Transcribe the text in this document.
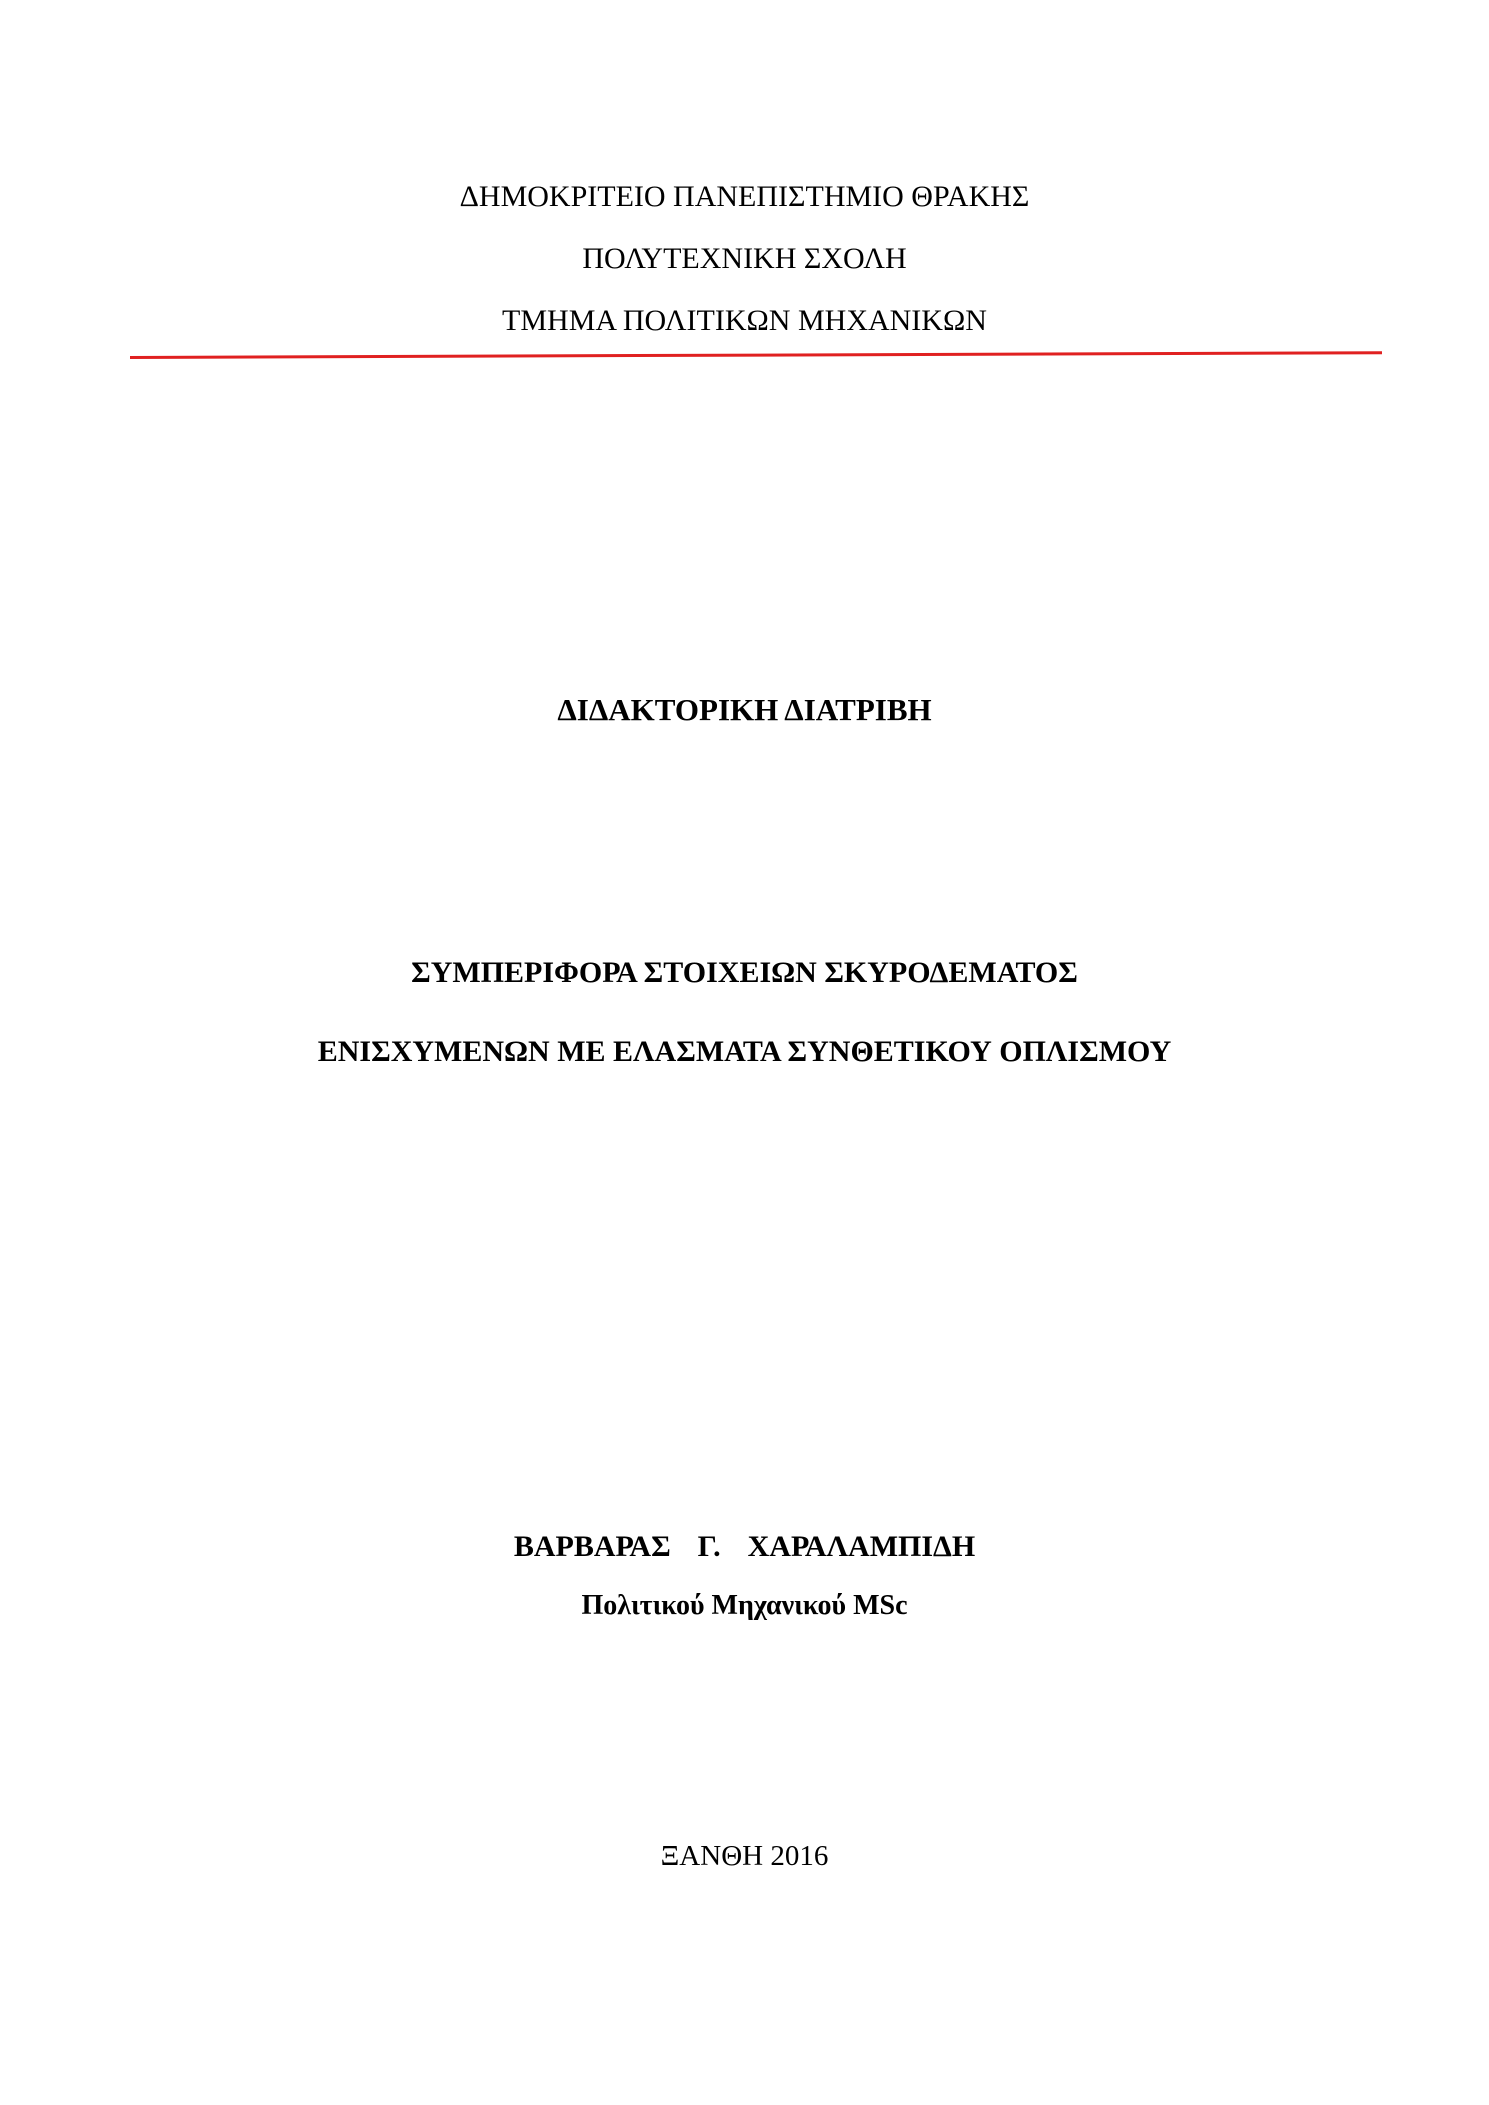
ΔΗΜΟΚΡΙΤΕΙΟ ΠΑΝΕΠΙΣΤΗΜΙΟ ΘΡΑΚΗΣ
ΠΟΛΥΤΕΧΝΙΚΗ ΣΧΟΛΗ
ΤΜΗΜΑ ΠΟΛΙΤΙΚΩΝ ΜΗΧΑΝΙΚΩΝ
ΔΙΔΑΚΤΟΡΙΚΗ ΔΙΑΤΡΙΒΗ
ΣΥΜΠΕΡΙΦΟΡΑ ΣΤΟΙΧΕΙΩΝ ΣΚΥΡΟΔΕΜΑΤΟΣ
ΕΝΙΣΧΥΜΕΝΩΝ ΜΕ ΕΛΑΣΜΑΤΑ ΣΥΝΘΕΤΙΚΟΥ ΟΠΛΙΣΜΟΥ
ΒΑΡΒΑΡΑΣ  Γ.  ΧΑΡΑΛΑΜΠΙΔΗ
Πολιτικού Μηχανικού MSc
ΞΑΝΘΗ 2016
